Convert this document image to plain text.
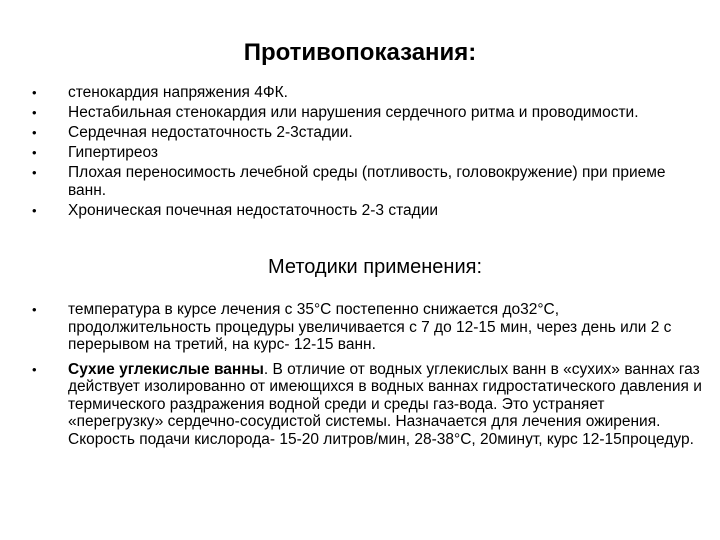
Противопоказания:
• стенокардия напряжения 4ФК.
• Нестабильная стенокардия или нарушения сердечного ритма и проводимости.
• Сердечная недостаточность 2-3стадии.
• Гипертиреоз
• Плохая переносимость лечебной среды (потливость, головокружение) при приеме ванн.
• Хроническая почечная недостаточность 2-3 стадии
Методики применения:
• температура в курсе лечения с 35°С постепенно снижается до32°С, продолжительность процедуры увеличивается с 7 до 12-15 мин, через день или 2 с перерывом на третий, на курс- 12-15 ванн.
• Сухие углекислые ванны. В отличие от водных углекислых ванн в «сухих» ваннах газ действует изолированно от имеющихся в водных ваннах гидростатического давления и термического раздражения водной среди и среды газ-вода. Это устраняет «перегрузку» сердечно-сосудистой системы. Назначается для лечения ожирения. Скорость подачи кислорода- 15-20 литров/мин, 28-38°С, 20минут, курс 12-15процедур.
